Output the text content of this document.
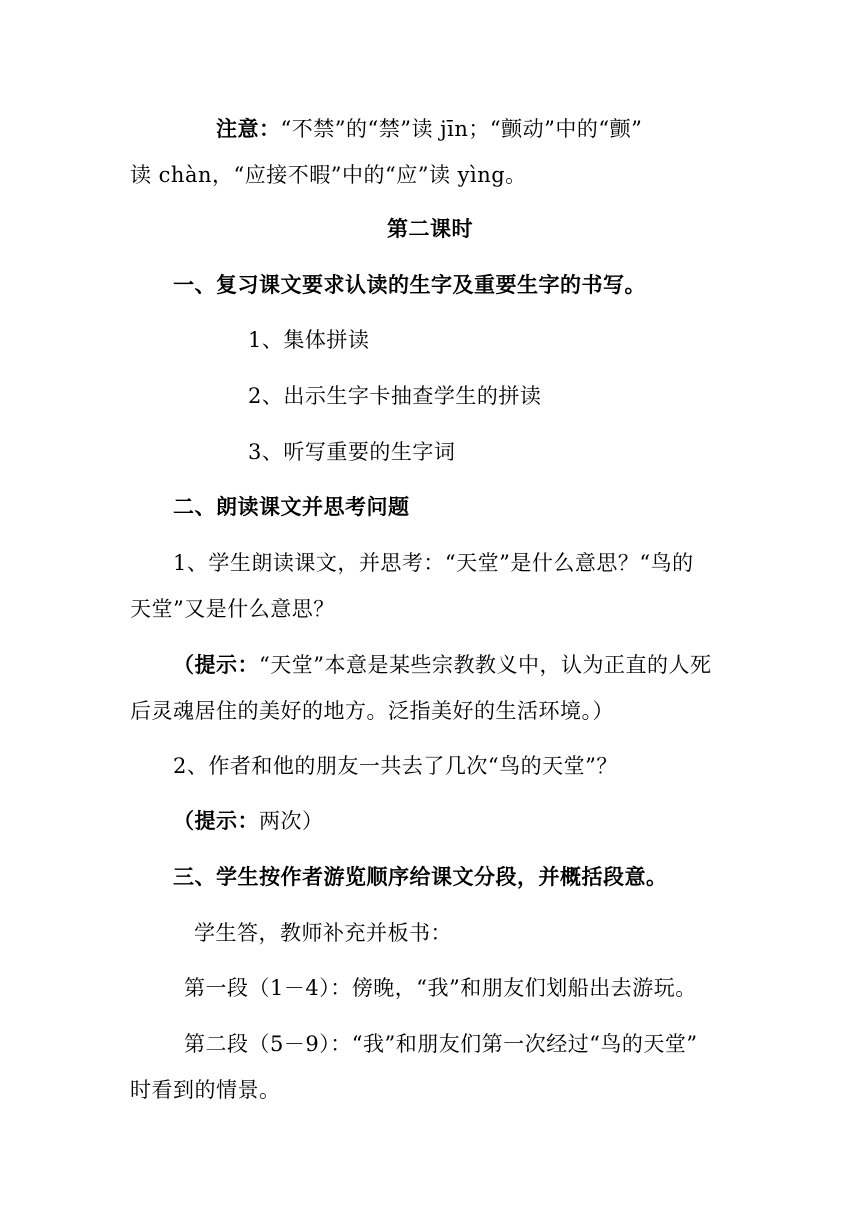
注意：“不禁”的“禁”读 jīn；“颤动”中的“颤”
读 chàn，“应接不暇”中的“应”读 yìng。
第二课时
一、复习课文要求认读的生字及重要生字的书写。
1、集体拼读
2、出示生字卡抽查学生的拼读
3、听写重要的生字词
二、朗读课文并思考问题
1、学生朗读课文，并思考：“天堂”是什么意思？“鸟的
天堂”又是什么意思？
（提示：“天堂”本意是某些宗教教义中，认为正直的人死
后灵魂居住的美好的地方。泛指美好的生活环境。）
2、作者和他的朋友一共去了几次“鸟的天堂”？
（提示：两次）
三、学生按作者游览顺序给课文分段，并概括段意。
学生答，教师补充并板书：
第一段（1－4）：傍晚，“我”和朋友们划船出去游玩。
第二段（5－9）：“我”和朋友们第一次经过“鸟的天堂”
时看到的情景。
